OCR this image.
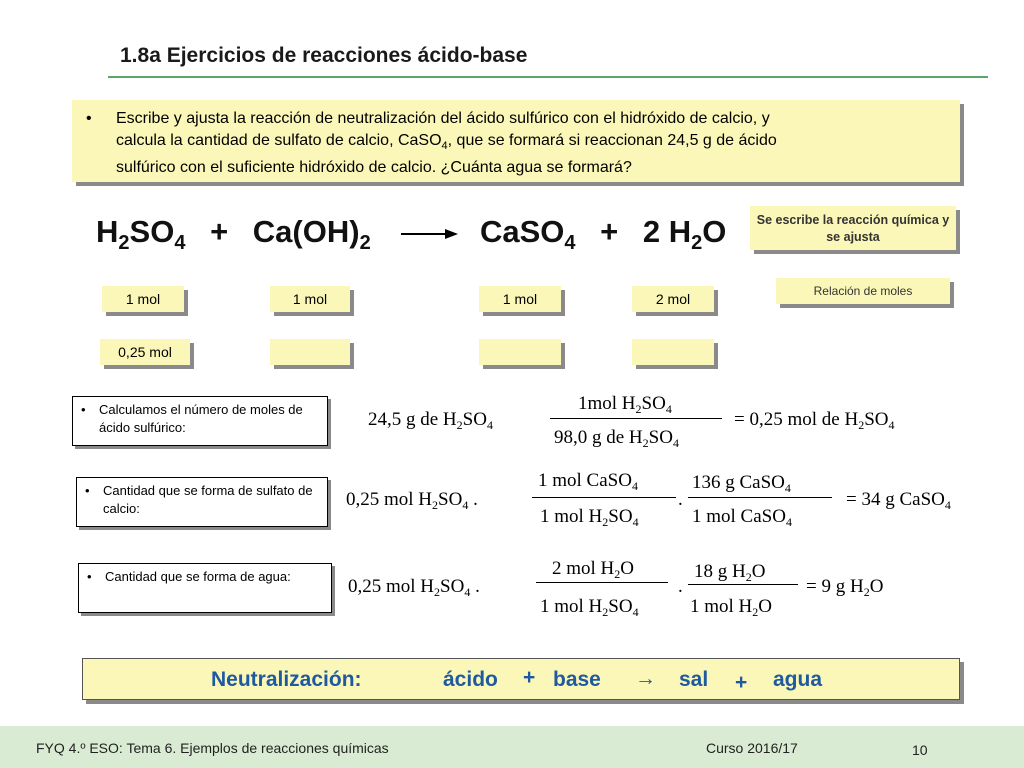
1.8a Ejercicios de reacciones ácido-base
• Escribe y ajusta la reacción de neutralización del ácido sulfúrico con el hidróxido de calcio, y
calcula la cantidad de sulfato de calcio, CaSO$_4$, que se formará si reaccionan 24,5 g de ácido
sulfúrico con el suficiente hidróxido de calcio. ¿Cuánta agua se formará?
$H_2SO_4 + Ca(OH)_2$ → CaSO$_4$ + 2 $H_2O$	Se escribe la reacción química y se ajusta
Relación de moles
1 mol	1 mol	1 mol	2 mol
0,25 mol
• Calculamos el número de moles de ácido sulfúrico:
• Cantidad que se forma de sulfato de calcio:
• Cantidad que se forma de agua:
24,5 g de $H_2SO_4$
1mol $H_2SO_4$
98,0 g de $H_2SO_4$
= 0,25 mol de $H_2SO_4$
0,25 mol $H_2SO_4$ .
1 mol CaSO$_4$
1 mol $H_2SO_4$
.
136 g CaSO$_4$
1 mol CaSO$_4$
= 34 g CaSO$_4$
0,25 mol $H_2SO_4$ .
2 mol $H_2O$
1 mol $H_2SO_4$
.
18 g $H_2O$
1 mol $H_2O$
= 9 g $H_2O$
Neutralización:	ácido + base → sal + agua
FYQ 4.º ESO: Tema 6. Ejemplos de reacciones químicas	Curso 2016/17	10
